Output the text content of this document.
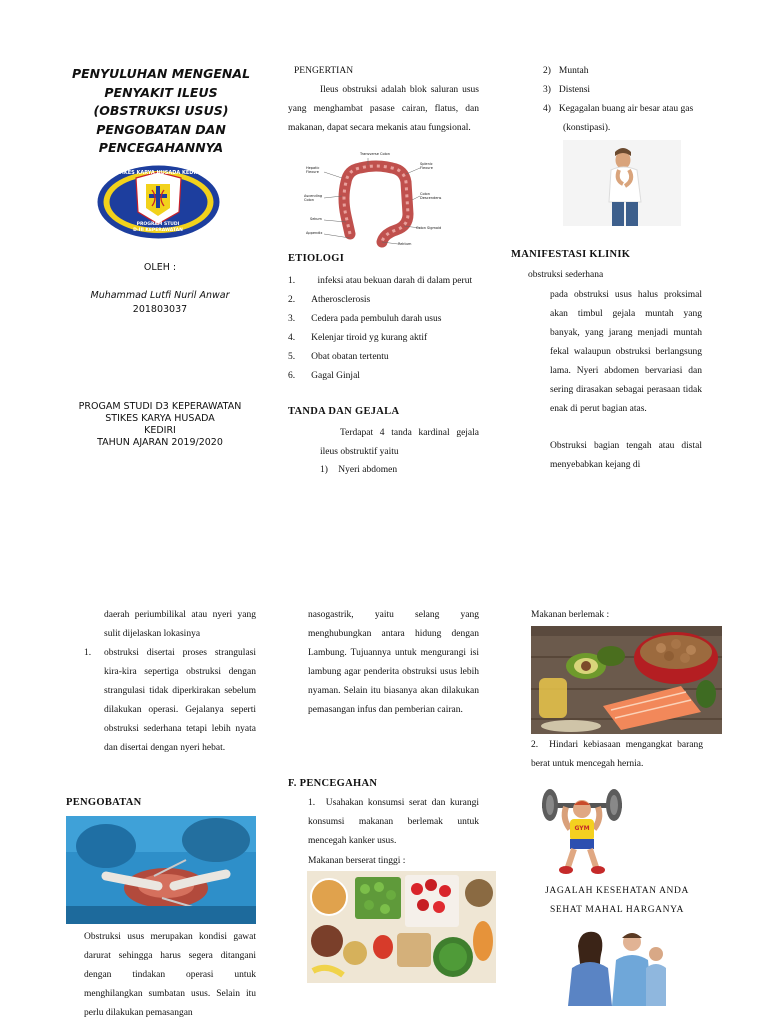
PENYULUHAN MENGENAL
PENYAKIT ILEUS
(OBSTRUKSI USUS)
PENGOBATAN DAN
PENCEGAHANNYA
STIKES KARYA HUSADA KEDIRI
PROGRAM STUDI
D-III KEPERAWATAN
OLEH :
Muhammad Lutfi Nuril Anwar
201803037
PROGAM STUDI D3 KEPERAWATAN
STIKES KARYA HUSADA
KEDIRI
TAHUN AJARAN 2019/2020
PENGERTIAN
Ileus obstruksi adalah blok saluran usus yang menghambat pasase cairan, flatus, dan makanan, dapat secara mekanis atau fungsional.
Transverse Colon
Hepatic Flexure
Splenic Flexure
Ascending Colon
Colon Descendens
Sekum
Appendix
Colon Sigmoid
Rektum
ETIOLOGI
1. infeksi atau bekuan darah di dalam perut
2. Atherosclerosis
3. Cedera pada pembuluh darah usus
4. Kelenjar tiroid yg kurang aktif
5. Obat obatan tertentu
6. Gagal Ginjal
TANDA DAN GEJALA
Terdapat 4 tanda kardinal gejala ileus obstruktif yaitu
1) Nyeri abdomen
2) Muntah
3) Distensi
4) Kegagalan buang air besar atau gas (konstipasi).
MANIFESTASI KLINIK
obstruksi sederhana
pada obstruksi usus halus proksimal akan timbul gejala muntah yang banyak, yang jarang menjadi muntah fekal walaupun obstruksi berlangsung lama. Nyeri abdomen bervariasi dan sering dirasakan sebagai perasaan tidak enak di perut bagian atas.
Obstruksi bagian tengah atau distal menyebabkan kejang di
daerah periumbilikal atau nyeri yang sulit dijelaskan lokasinya
1.	obstruksi disertai proses strangulasi kira-kira sepertiga obstruksi dengan strangulasi tidak diperkirakan sebelum dilakukan operasi. Gejalanya seperti obstruksi sederhana tetapi lebih nyata dan disertai dengan nyeri hebat.
PENGOBATAN
Obstruksi usus merupakan kondisi gawat darurat sehingga harus segera ditangani dengan tindakan operasi untuk menghilangkan sumbatan usus. Selain itu perlu dilakukan pemasangan
nasogastrik, yaitu selang yang menghubungkan antara hidung dengan Lambung. Tujuannya untuk mengurangi isi lambung agar penderita obstruksi usus lebih nyaman. Selain itu biasanya akan dilakukan pemasangan infus dan pemberian cairan.
F. PENCEGAHAN
1. Usahakan konsumsi serat dan kurangi konsumsi makanan berlemak untuk mencegah kanker usus.
Makanan berserat tinggi :
Makanan berlemak :
2. Hindari kebiasaan mengangkat barang berat untuk mencegah hernia.
GYM
JAGALAH KESEHATAN ANDA
SEHAT MAHAL HARGANYA
